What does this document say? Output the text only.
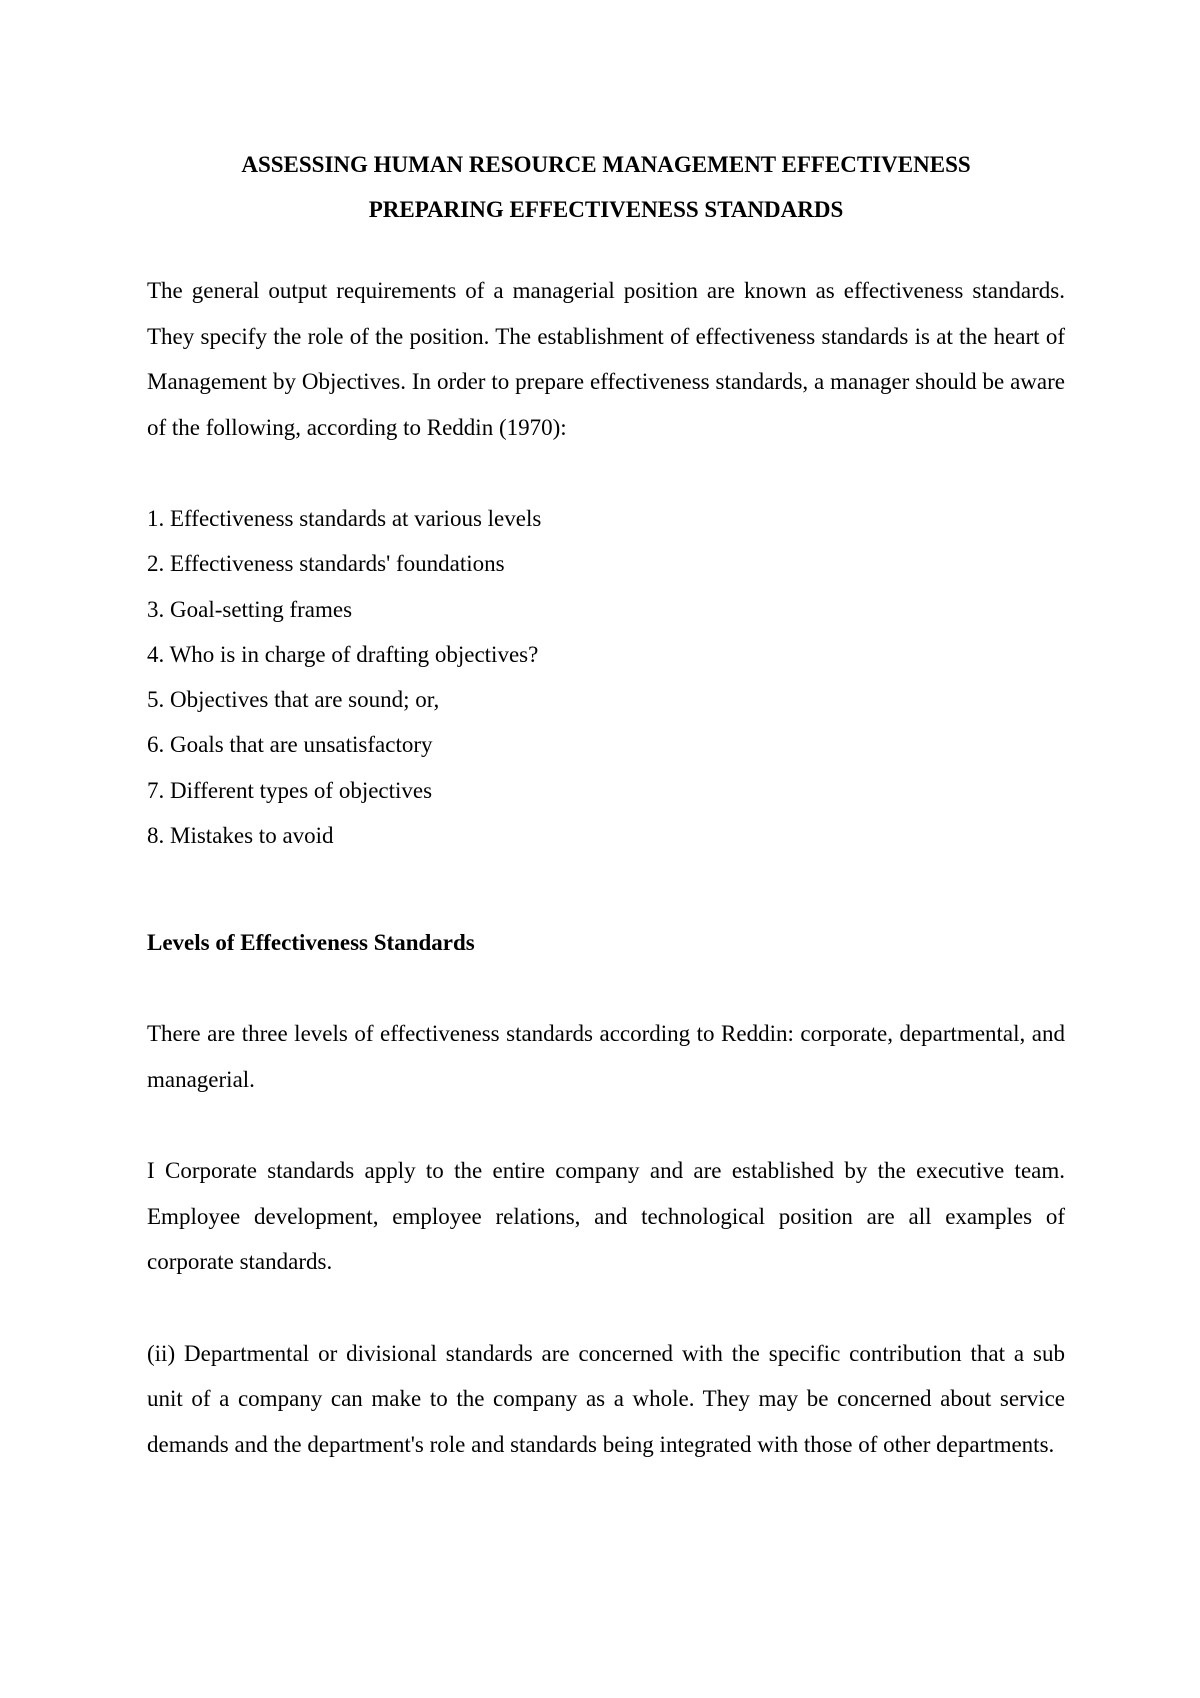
ASSESSING HUMAN RESOURCE MANAGEMENT EFFECTIVENESS

PREPARING EFFECTIVENESS STANDARDS

The general output requirements of a managerial position are known as effectiveness standards. They specify the role of the position. The establishment of effectiveness standards is at the heart of Management by Objectives. In order to prepare effectiveness standards, a manager should be aware of the following, according to Reddin (1970):

1. Effectiveness standards at various levels
2. Effectiveness standards' foundations
3. Goal-setting frames
4. Who is in charge of drafting objectives?
5. Objectives that are sound; or,
6. Goals that are unsatisfactory
7. Different types of objectives
8. Mistakes to avoid

Levels of Effectiveness Standards

There are three levels of effectiveness standards according to Reddin: corporate, departmental, and managerial.

I Corporate standards apply to the entire company and are established by the executive team. Employee development, employee relations, and technological position are all examples of corporate standards.

(ii) Departmental or divisional standards are concerned with the specific contribution that a sub unit of a company can make to the company as a whole. They may be concerned about service demands and the department's role and standards being integrated with those of other departments.
